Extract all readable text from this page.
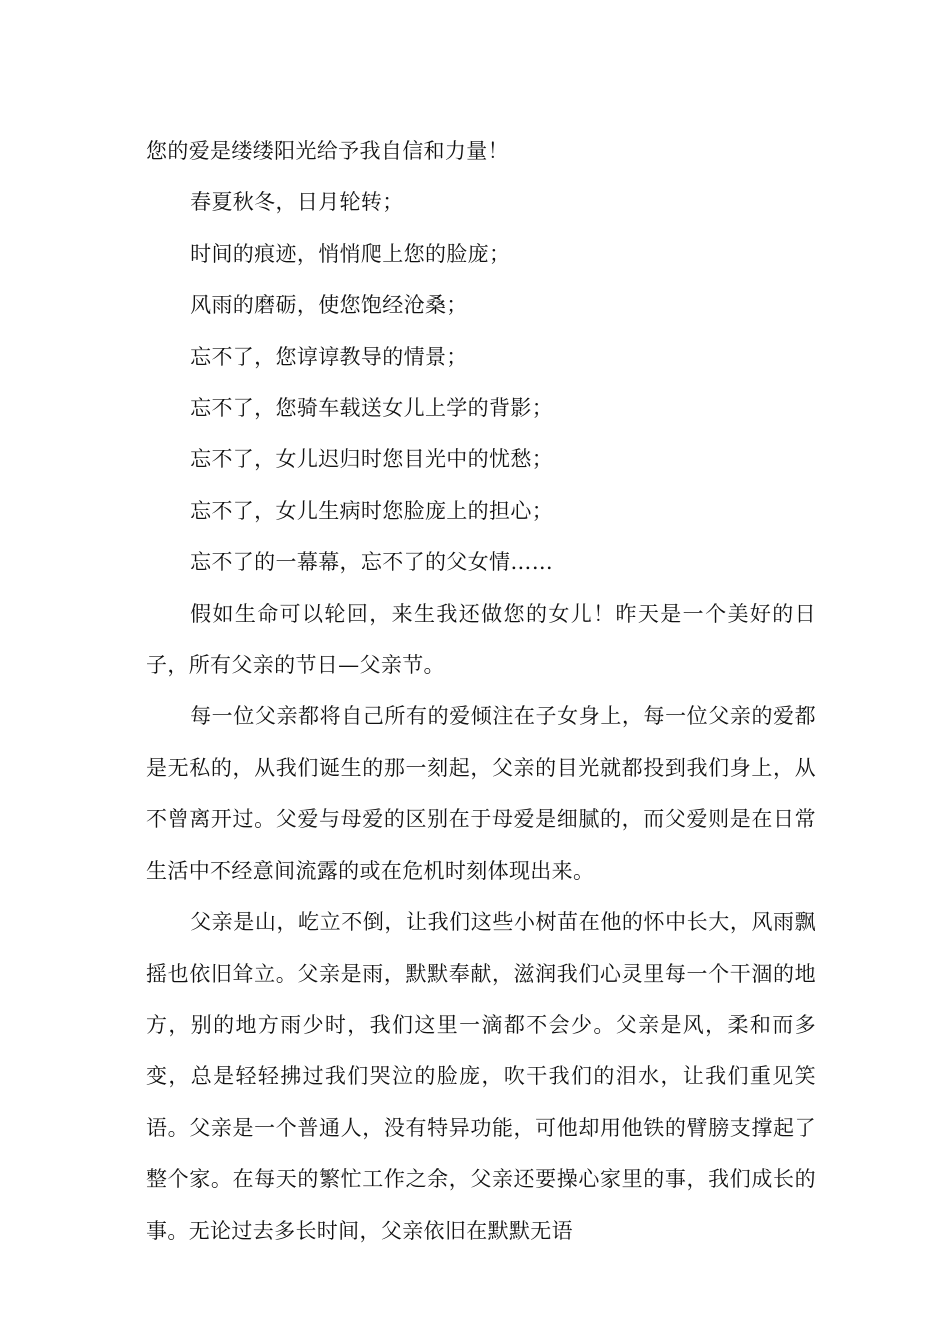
您的爱是缕缕阳光给予我自信和力量！

春夏秋冬，日月轮转；

时间的痕迹，悄悄爬上您的脸庞；

风雨的磨砺，使您饱经沧桑；

忘不了，您谆谆教导的情景；

忘不了，您骑车载送女儿上学的背影；

忘不了，女儿迟归时您目光中的忧愁；

忘不了，女儿生病时您脸庞上的担心；

忘不了的一幕幕，忘不了的父女情……

假如生命可以轮回，来生我还做您的女儿！昨天是一个美好的日子，所有父亲的节日—父亲节。

每一位父亲都将自己所有的爱倾注在子女身上，每一位父亲的爱都是无私的，从我们诞生的那一刻起，父亲的目光就都投到我们身上，从不曾离开过。父爱与母爱的区别在于母爱是细腻的，而父爱则是在日常生活中不经意间流露的或在危机时刻体现出来。

父亲是山，屹立不倒，让我们这些小树苗在他的怀中长大，风雨飘摇也依旧耸立。父亲是雨，默默奉献，滋润我们心灵里每一个干涸的地方，别的地方雨少时，我们这里一滴都不会少。父亲是风，柔和而多变，总是轻轻拂过我们哭泣的脸庞，吹干我们的泪水，让我们重见笑语。父亲是一个普通人，没有特异功能，可他却用他铁的臂膀支撑起了整个家。在每天的繁忙工作之余，父亲还要操心家里的事，我们成长的事。无论过去多长时间，父亲依旧在默默无语
